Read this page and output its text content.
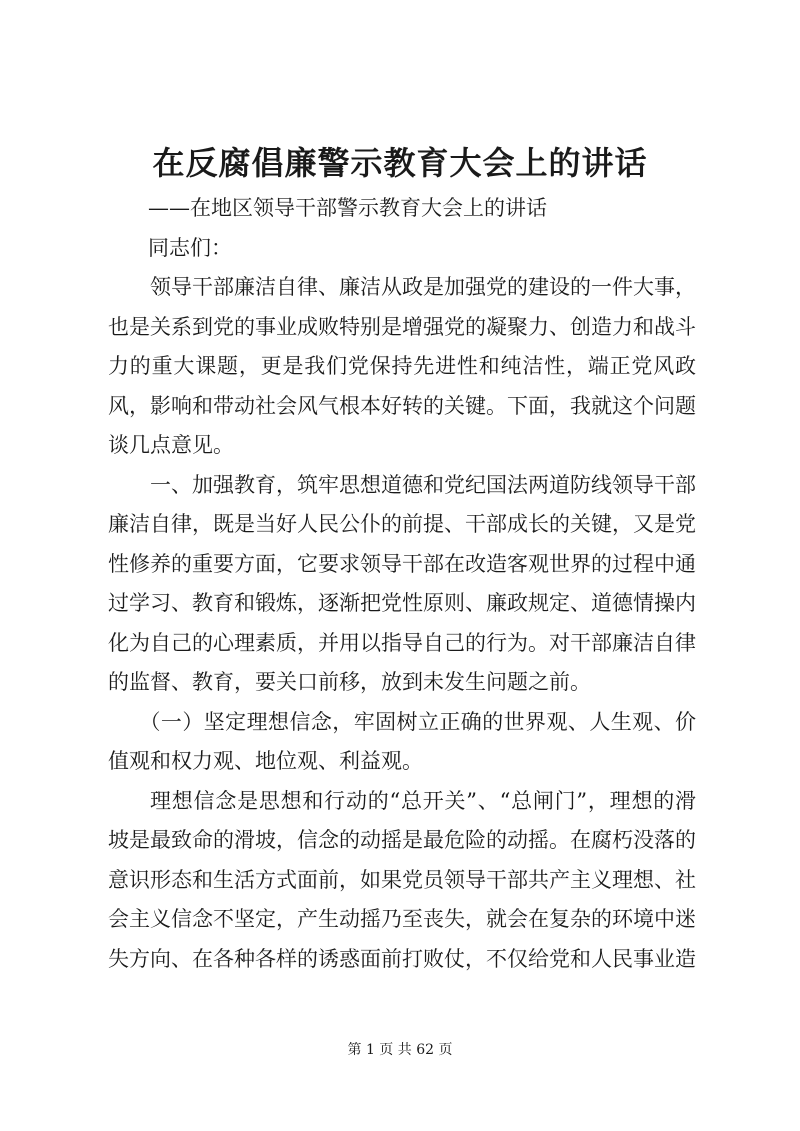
在反腐倡廉警示教育大会上的讲话

——在地区领导干部警示教育大会上的讲话

同志们：

领导干部廉洁自律、廉洁从政是加强党的建设的一件大事，也是关系到党的事业成败特别是增强党的凝聚力、创造力和战斗力的重大课题，更是我们党保持先进性和纯洁性，端正党风政风，影响和带动社会风气根本好转的关键。下面，我就这个问题谈几点意见。

一、加强教育，筑牢思想道德和党纪国法两道防线领导干部廉洁自律，既是当好人民公仆的前提、干部成长的关键，又是党性修养的重要方面，它要求领导干部在改造客观世界的过程中通过学习、教育和锻炼，逐渐把党性原则、廉政规定、道德情操内化为自己的心理素质，并用以指导自己的行为。对干部廉洁自律的监督、教育，要关口前移，放到未发生问题之前。

（一）坚定理想信念，牢固树立正确的世界观、人生观、价值观和权力观、地位观、利益观。

理想信念是思想和行动的“总开关”、“总闸门”，理想的滑坡是最致命的滑坡，信念的动摇是最危险的动摇。在腐朽没落的意识形态和生活方式面前，如果党员领导干部共产主义理想、社会主义信念不坚定，产生动摇乃至丧失，就会在复杂的环境中迷失方向、在各种各样的诱惑面前打败仗，不仅给党和人民事业造

第 1 页 共 62 页
